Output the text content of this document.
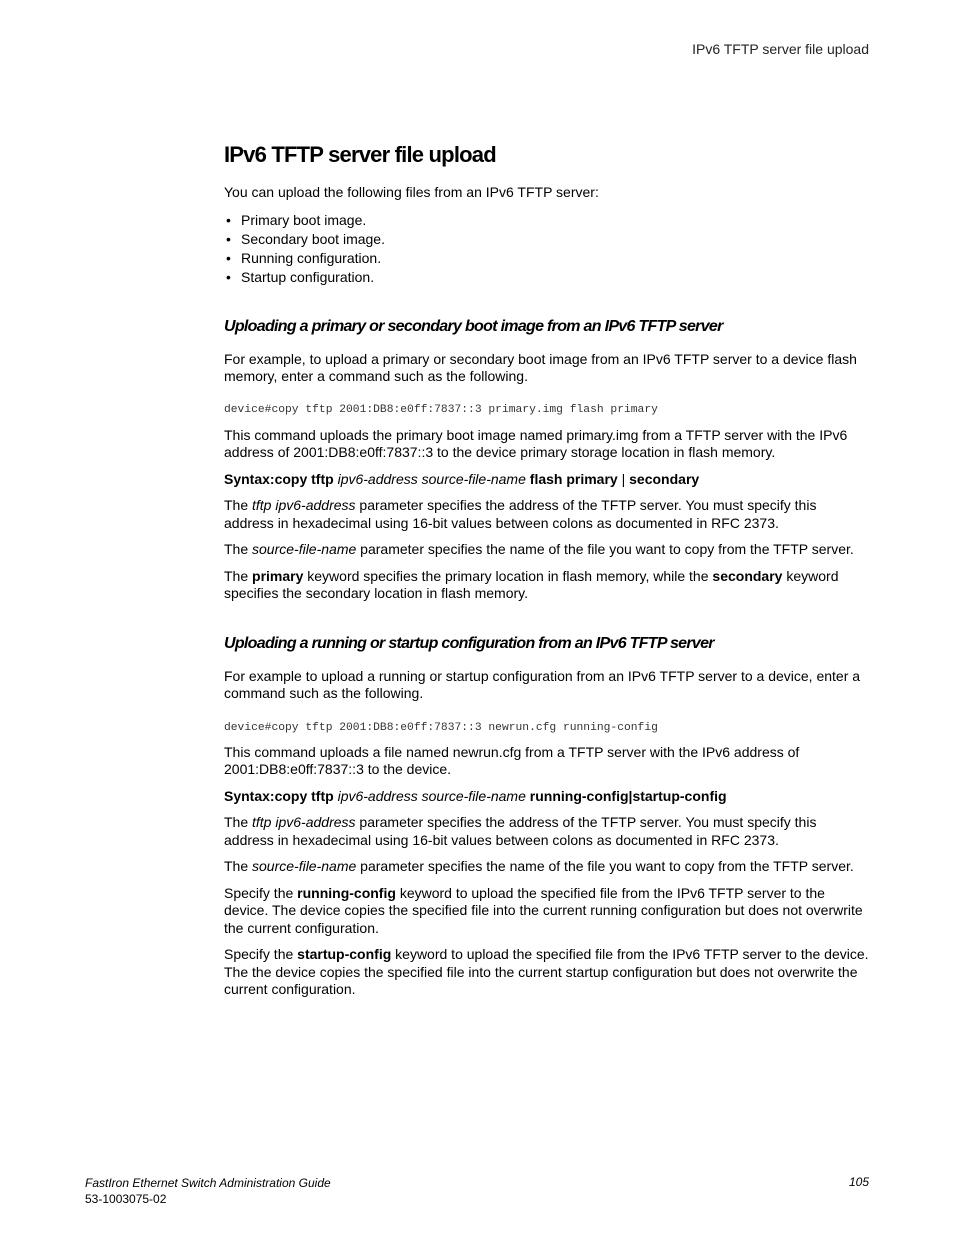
IPv6 TFTP server file upload
IPv6 TFTP server file upload

You can upload the following files from an IPv6 TFTP server:

• Primary boot image.
• Secondary boot image.
• Running configuration.
• Startup configuration.
Uploading a primary or secondary boot image from an IPv6 TFTP server

For example, to upload a primary or secondary boot image from an IPv6 TFTP server to a device flash memory, enter a command such as the following.

device#copy tftp 2001:DB8:e0ff:7837::3 primary.img flash primary

This command uploads the primary boot image named primary.img from a TFTP server with the IPv6 address of 2001:DB8:e0ff:7837::3 to the device primary storage location in flash memory.

Syntax:copy tftp ipv6-address source-file-name flash primary | secondary

The tftp ipv6-address parameter specifies the address of the TFTP server. You must specify this address in hexadecimal using 16-bit values between colons as documented in RFC 2373.

The source-file-name parameter specifies the name of the file you want to copy from the TFTP server.

The primary keyword specifies the primary location in flash memory, while the secondary keyword specifies the secondary location in flash memory.

Uploading a running or startup configuration from an IPv6 TFTP server

For example to upload a running or startup configuration from an IPv6 TFTP server to a device, enter a command such as the following.

device#copy tftp 2001:DB8:e0ff:7837::3 newrun.cfg running-config

This command uploads a file named newrun.cfg from a TFTP server with the IPv6 address of 2001:DB8:e0ff:7837::3 to the device.

Syntax:copy tftp ipv6-address source-file-name running-config|startup-config

The tftp ipv6-address parameter specifies the address of the TFTP server. You must specify this address in hexadecimal using 16-bit values between colons as documented in RFC 2373.

The source-file-name parameter specifies the name of the file you want to copy from the TFTP server.

Specify the running-config keyword to upload the specified file from the IPv6 TFTP server to the device. The device copies the specified file into the current running configuration but does not overwrite the current configuration.

Specify the startup-config keyword to upload the specified file from the IPv6 TFTP server to the device. The the device copies the specified file into the current startup configuration but does not overwrite the current configuration.

FastIron Ethernet Switch Administration Guide
53-1003075-02
105
